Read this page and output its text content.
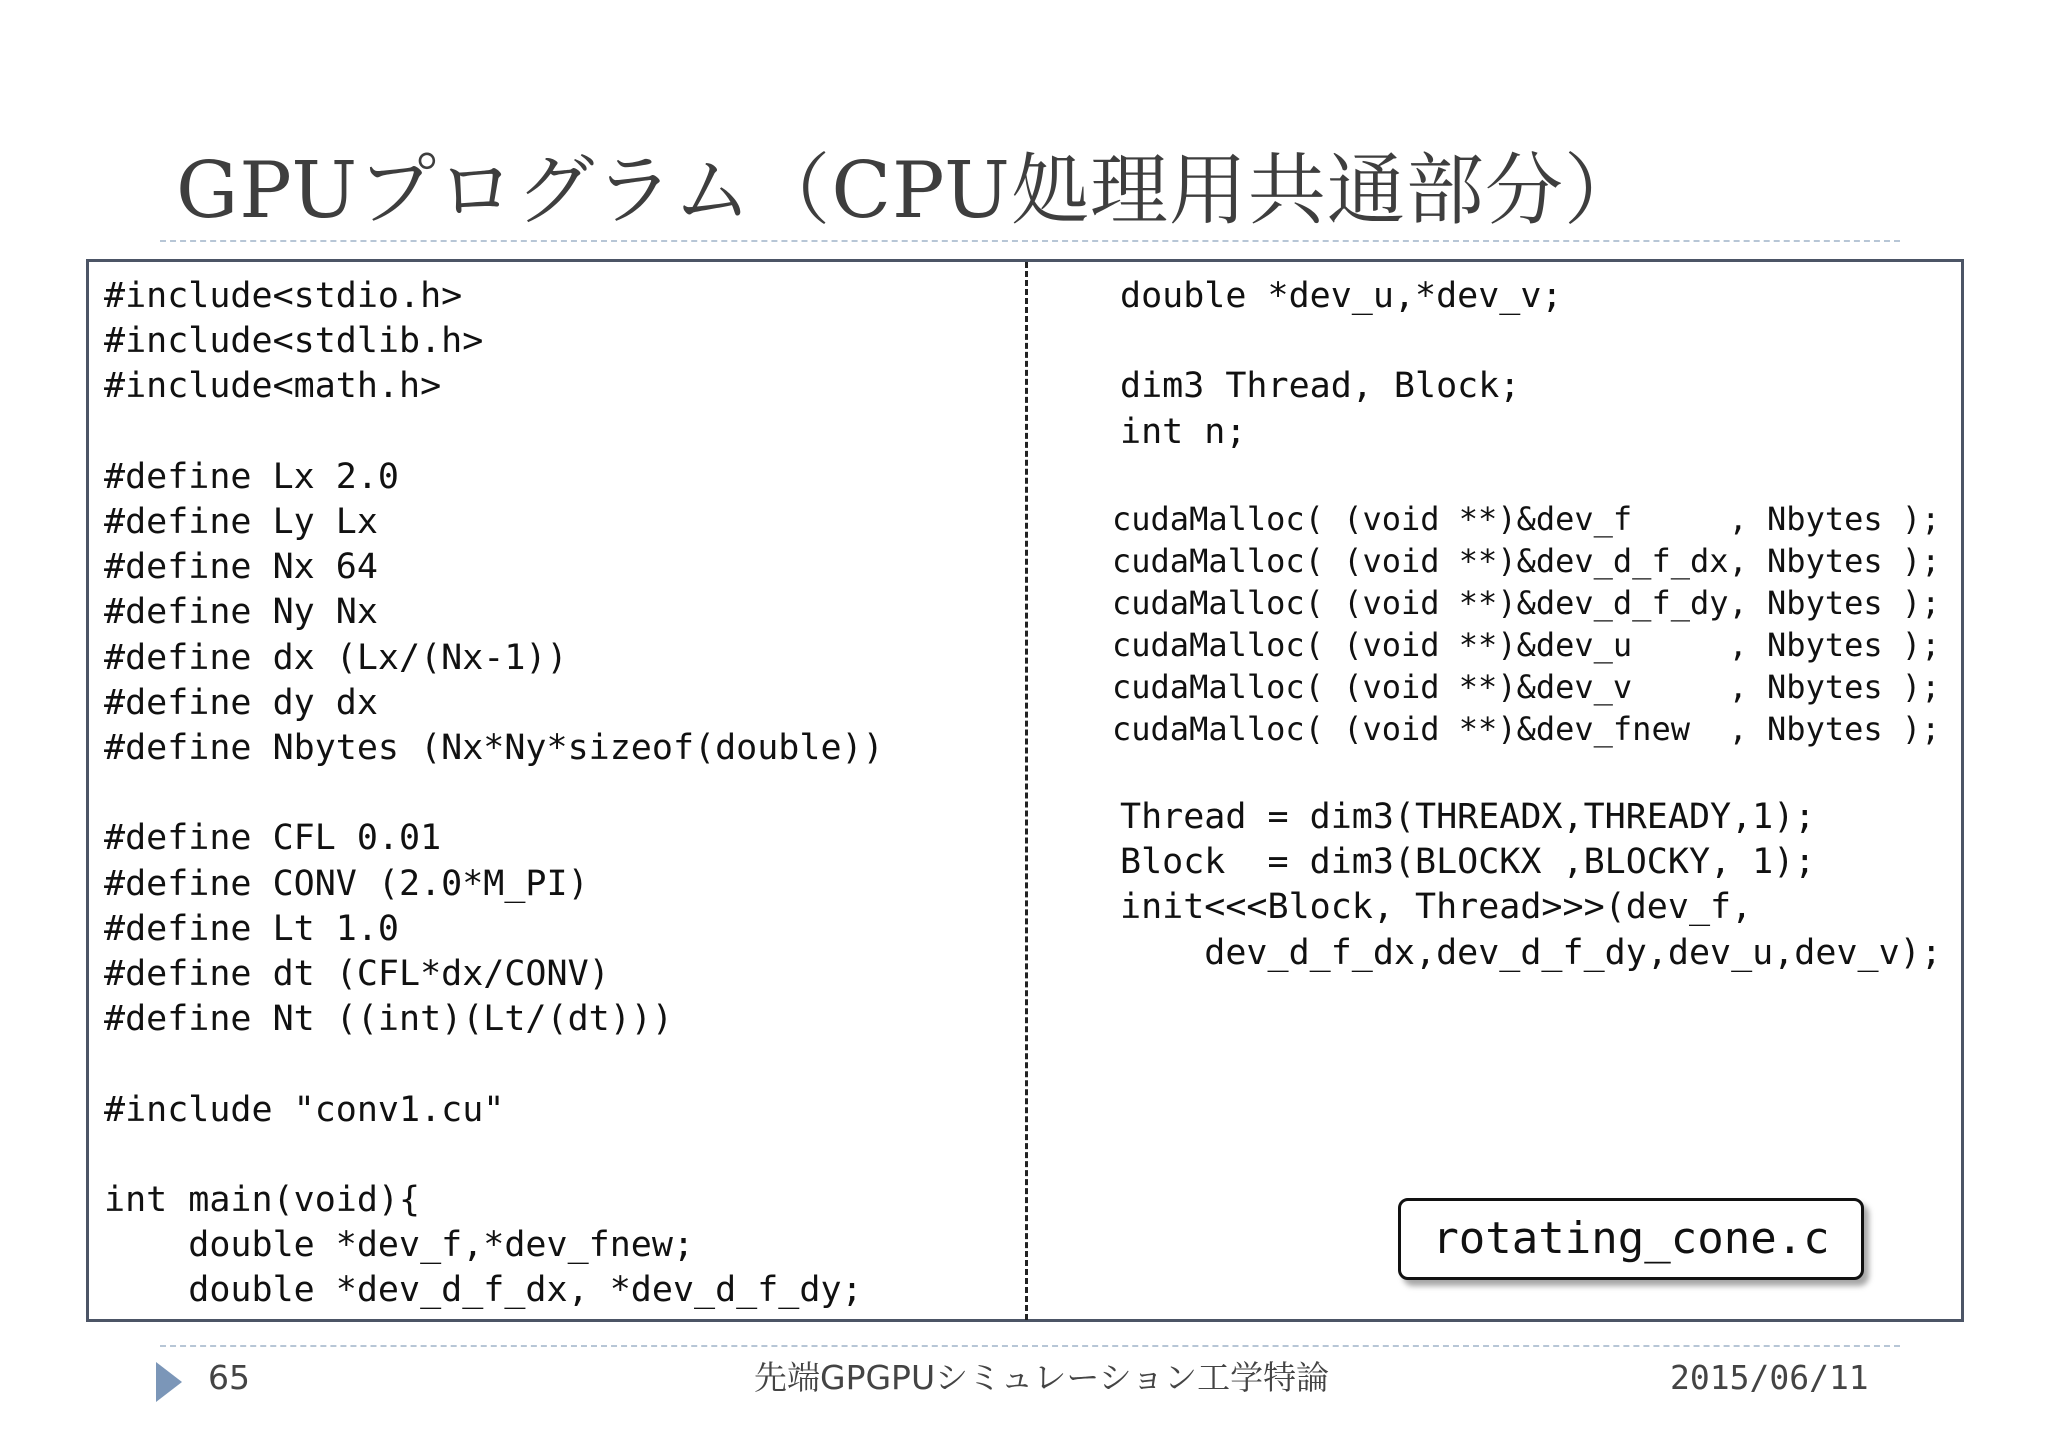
GPUプログラム（CPU処理用共通部分）
#include<stdio.h>
#include<stdlib.h>
#include<math.h>

#define Lx 2.0
#define Ly Lx
#define Nx 64
#define Ny Nx
#define dx (Lx/(Nx-1))
#define dy dx
#define Nbytes (Nx*Ny*sizeof(double))

#define CFL 0.01
#define CONV (2.0*M_PI)
#define Lt 1.0
#define dt (CFL*dx/CONV)
#define Nt ((int)(Lt/(dt)))

#include "conv1.cu"

int main(void){
double *dev_f,*dev_fnew;
double *dev_d_f_dx, *dev_d_f_dy;
double *dev_u,*dev_v;

dim3 Thread, Block;
int n;
cudaMalloc( (void **)&dev_f     , Nbytes );
cudaMalloc( (void **)&dev_d_f_dx, Nbytes );
cudaMalloc( (void **)&dev_d_f_dy, Nbytes );
cudaMalloc( (void **)&dev_u     , Nbytes );
cudaMalloc( (void **)&dev_v     , Nbytes );
cudaMalloc( (void **)&dev_fnew  , Nbytes );
Thread = dim3(THREADX,THREADY,1);
Block  = dim3(BLOCKX ,BLOCKY, 1);
init<<<Block, Thread>>>(dev_f,
dev_d_f_dx,dev_d_f_dy,dev_u,dev_v);
rotating_cone.c
65	先端GPGPUシミュレーション工学特論	2015/06/11
